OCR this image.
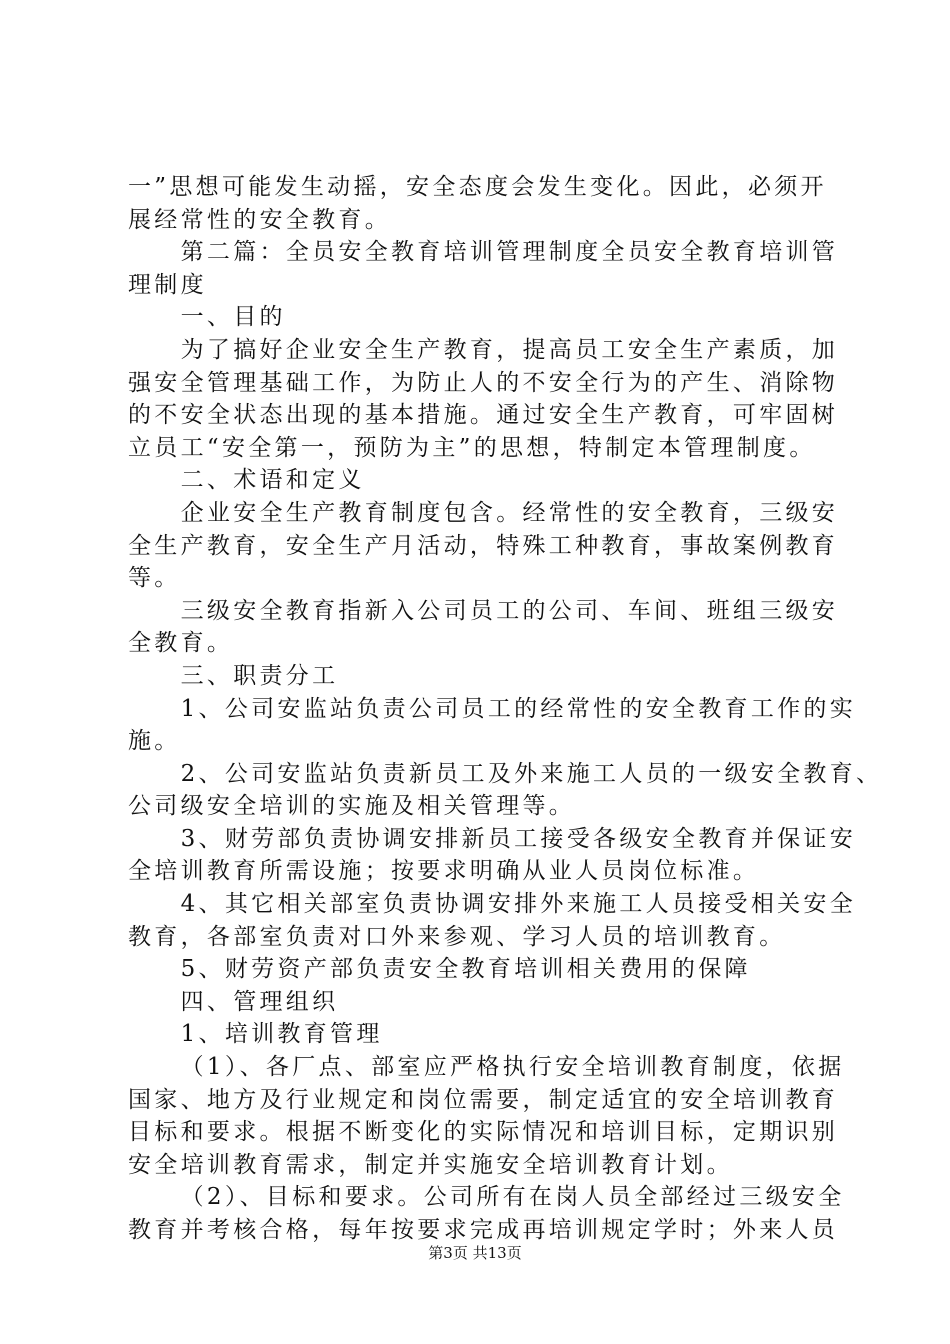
一”思想可能发生动摇，安全态度会发生变化。因此，必须开
展经常性的安全教育。
第二篇：全员安全教育培训管理制度全员安全教育培训管
理制度
一、目的
为了搞好企业安全生产教育，提高员工安全生产素质，加
强安全管理基础工作，为防止人的不安全行为的产生、消除物
的不安全状态出现的基本措施。通过安全生产教育，可牢固树
立员工“安全第一，预防为主”的思想，特制定本管理制度。
二、术语和定义
企业安全生产教育制度包含。经常性的安全教育，三级安
全生产教育，安全生产月活动，特殊工种教育，事故案例教育
等。
三级安全教育指新入公司员工的公司、车间、班组三级安
全教育。
三、职责分工
1、公司安监站负责公司员工的经常性的安全教育工作的实
施。
2、公司安监站负责新员工及外来施工人员的一级安全教育、
公司级安全培训的实施及相关管理等。
3、财劳部负责协调安排新员工接受各级安全教育并保证安
全培训教育所需设施；按要求明确从业人员岗位标准。
4、其它相关部室负责协调安排外来施工人员接受相关安全
教育，各部室负责对口外来参观、学习人员的培训教育。
5、财劳资产部负责安全教育培训相关费用的保障
四、管理组织
1、培训教育管理
（1）、各厂点、部室应严格执行安全培训教育制度，依据
国家、地方及行业规定和岗位需要，制定适宜的安全培训教育
目标和要求。根据不断变化的实际情况和培训目标，定期识别
安全培训教育需求，制定并实施安全培训教育计划。
（2）、目标和要求。公司所有在岗人员全部经过三级安全
教育并考核合格，每年按要求完成再培训规定学时；外来人员
第3页 共13页
